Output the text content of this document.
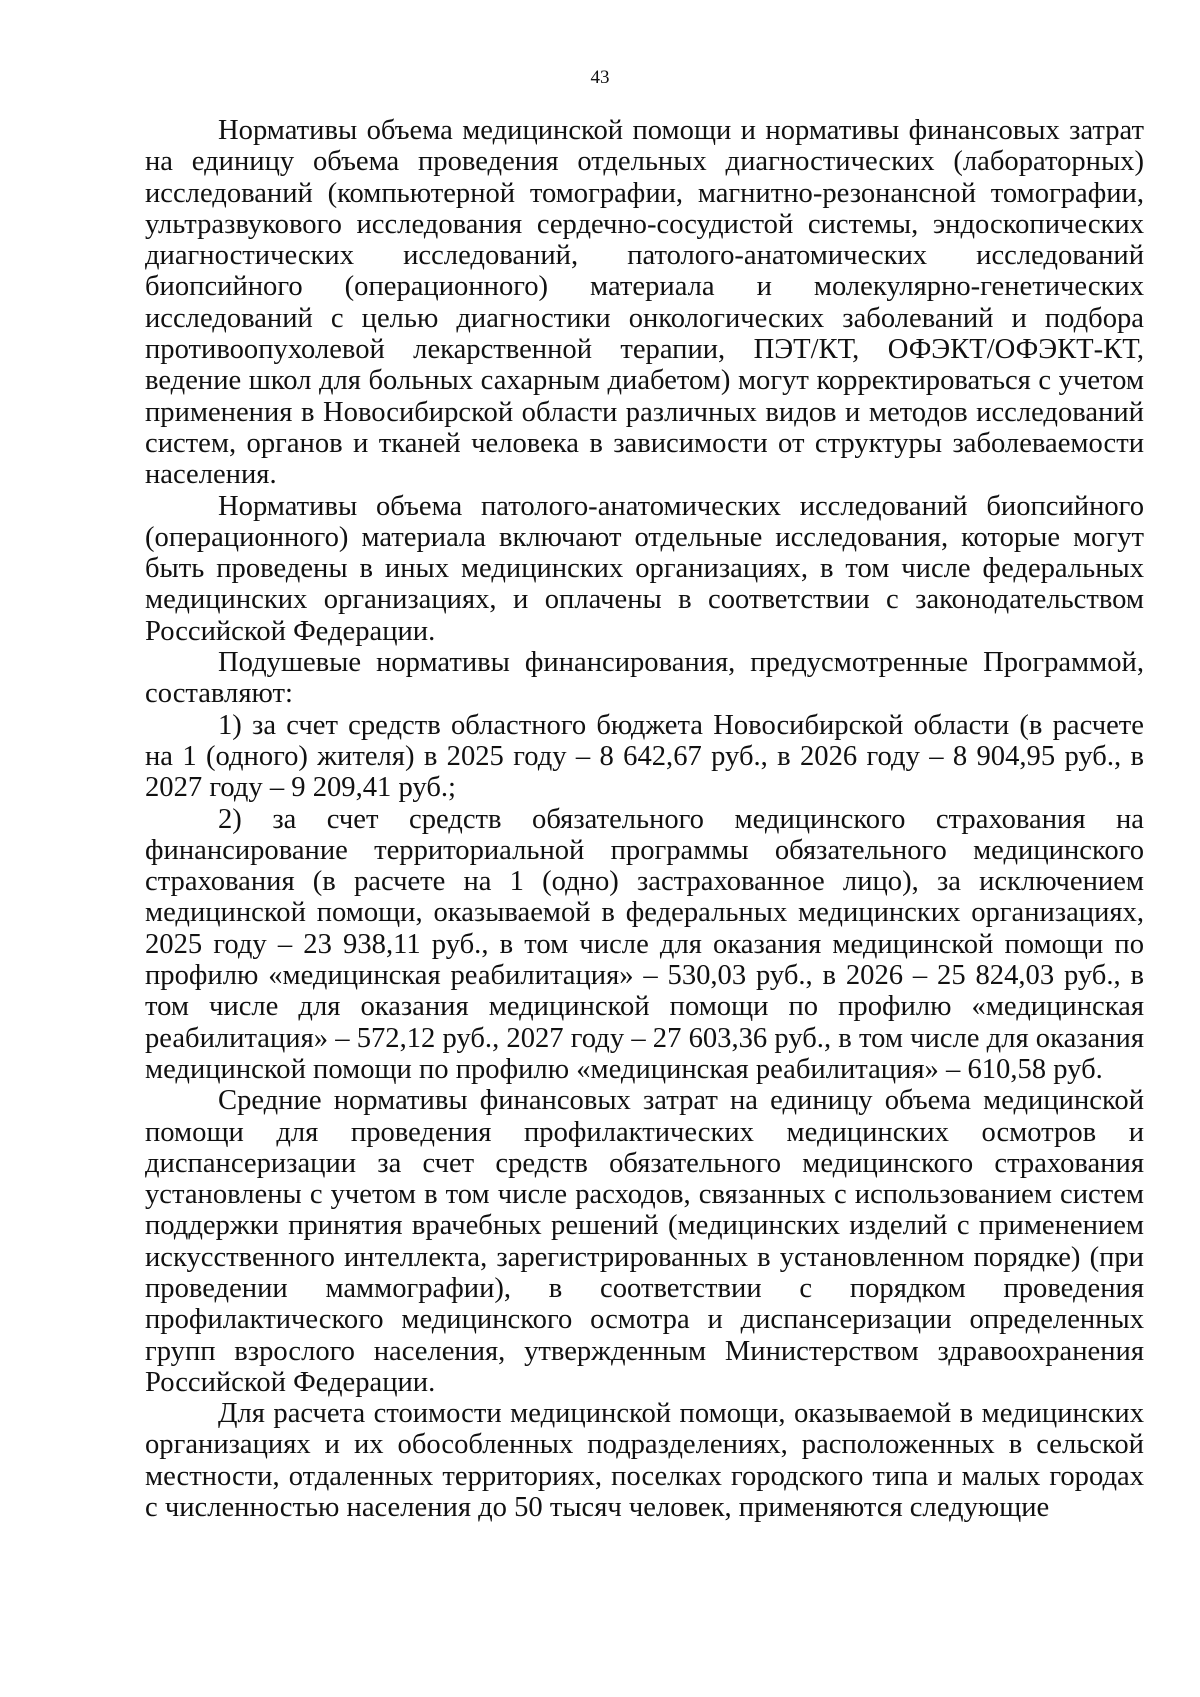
43

Нормативы объема медицинской помощи и нормативы финансовых затрат на единицу объема проведения отдельных диагностических (лабораторных) исследований (компьютерной томографии, магнитно-резонансной томографии, ультразвукового исследования сердечно-сосудистой системы, эндоскопических диагностических исследований, патолого-анатомических исследований биопсийного (операционного) материала и молекулярно-генетических исследований с целью диагностики онкологических заболеваний и подбора противоопухолевой лекарственной терапии, ПЭТ/КТ, ОФЭКТ/ОФЭКТ-КТ, ведение школ для больных сахарным диабетом) могут корректироваться с учетом применения в Новосибирской области различных видов и методов исследований систем, органов и тканей человека в зависимости от структуры заболеваемости населения.

Нормативы объема патолого-анатомических исследований биопсийного (операционного) материала включают отдельные исследования, которые могут быть проведены в иных медицинских организациях, в том числе федеральных медицинских организациях, и оплачены в соответствии с законодательством Российской Федерации.

Подушевые нормативы финансирования, предусмотренные Программой, составляют:

1) за счет средств областного бюджета Новосибирской области (в расчете на 1 (одного) жителя) в 2025 году – 8 642,67 руб., в 2026 году – 8 904,95 руб., в 2027 году – 9 209,41 руб.;

2) за счет средств обязательного медицинского страхования на финансирование территориальной программы обязательного медицинского страхования (в расчете на 1 (одно) застрахованное лицо), за исключением медицинской помощи, оказываемой в федеральных медицинских организациях, 2025 году – 23 938,11 руб., в том числе для оказания медицинской помощи по профилю «медицинская реабилитация» – 530,03 руб., в 2026 – 25 824,03 руб., в том числе для оказания медицинской помощи по профилю «медицинская реабилитация» – 572,12 руб., 2027 году – 27 603,36 руб., в том числе для оказания медицинской помощи по профилю «медицинская реабилитация» – 610,58 руб.

Средние нормативы финансовых затрат на единицу объема медицинской помощи для проведения профилактических медицинских осмотров и диспансеризации за счет средств обязательного медицинского страхования установлены с учетом в том числе расходов, связанных с использованием систем поддержки принятия врачебных решений (медицинских изделий с применением искусственного интеллекта, зарегистрированных в установленном порядке) (при проведении маммографии), в соответствии с порядком проведения профилактического медицинского осмотра и диспансеризации определенных групп взрослого населения, утвержденным Министерством здравоохранения Российской Федерации.

Для расчета стоимости медицинской помощи, оказываемой в медицинских организациях и их обособленных подразделениях, расположенных в сельской местности, отдаленных территориях, поселках городского типа и малых городах с численностью населения до 50 тысяч человек, применяются следующие
